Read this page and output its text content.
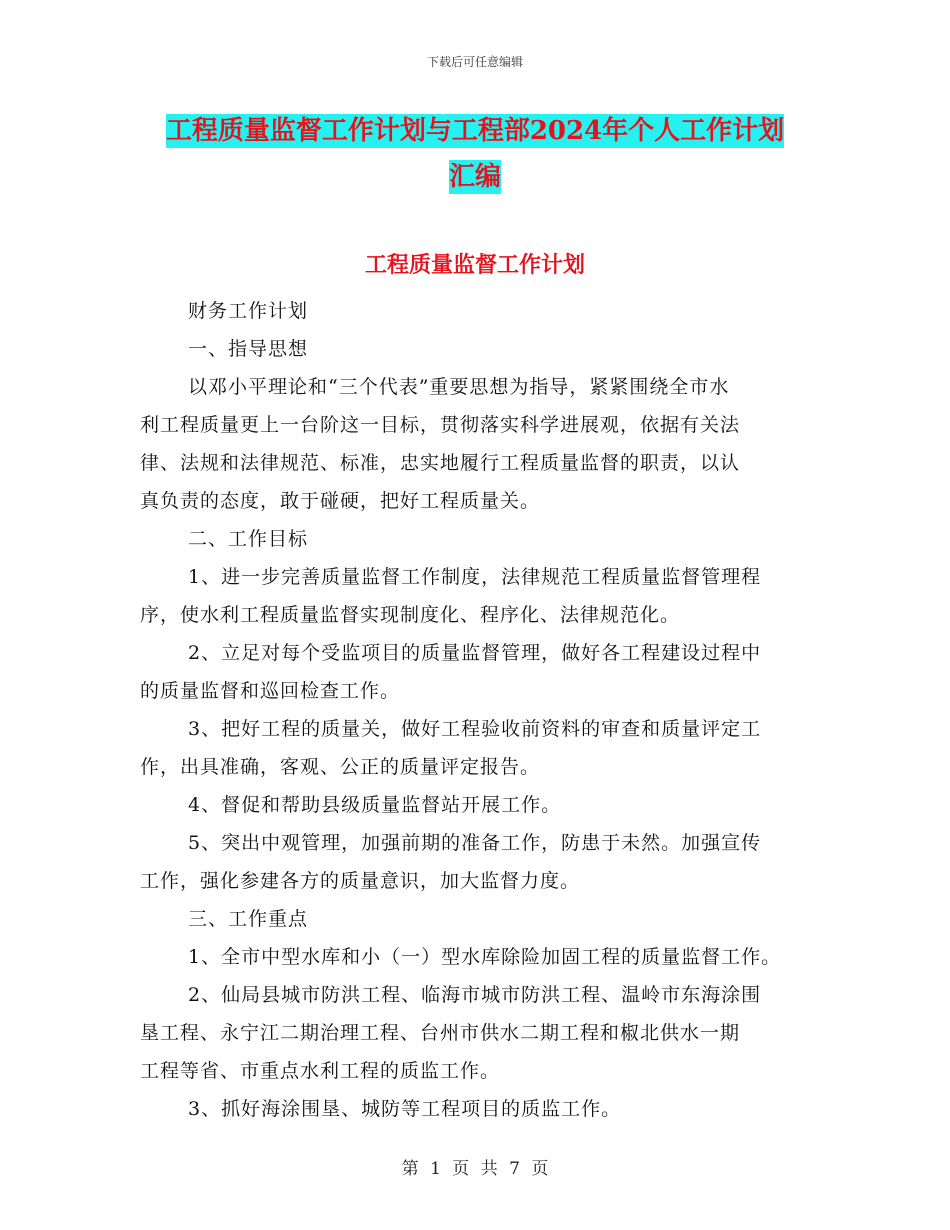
下载后可任意编辑
工程质量监督工作计划与工程部2024年个人工作计划
汇编
工程质量监督工作计划
财务工作计划
一、指导思想
以邓小平理论和“三个代表”重要思想为指导，紧紧围绕全市水
利工程质量更上一台阶这一目标，贯彻落实科学进展观，依据有关法
律、法规和法律规范、标准，忠实地履行工程质量监督的职责，以认
真负责的态度，敢于碰硬，把好工程质量关。
二、工作目标
1、进一步完善质量监督工作制度，法律规范工程质量监督管理程
序，使水利工程质量监督实现制度化、程序化、法律规范化。
2、立足对每个受监项目的质量监督管理，做好各工程建设过程中
的质量监督和巡回检查工作。
3、把好工程的质量关，做好工程验收前资料的审查和质量评定工
作，出具准确，客观、公正的质量评定报告。
4、督促和帮助县级质量监督站开展工作。
5、突出中观管理，加强前期的准备工作，防患于未然。加强宣传
工作，强化参建各方的质量意识，加大监督力度。
三、工作重点
1、全市中型水库和小（一）型水库除险加固工程的质量监督工作。
2、仙局县城市防洪工程、临海市城市防洪工程、温岭市东海涂围
垦工程、永宁江二期治理工程、台州市供水二期工程和椒北供水一期
工程等省、市重点水利工程的质监工作。
3、抓好海涂围垦、城防等工程项目的质监工作。
第 1 页 共 7 页
